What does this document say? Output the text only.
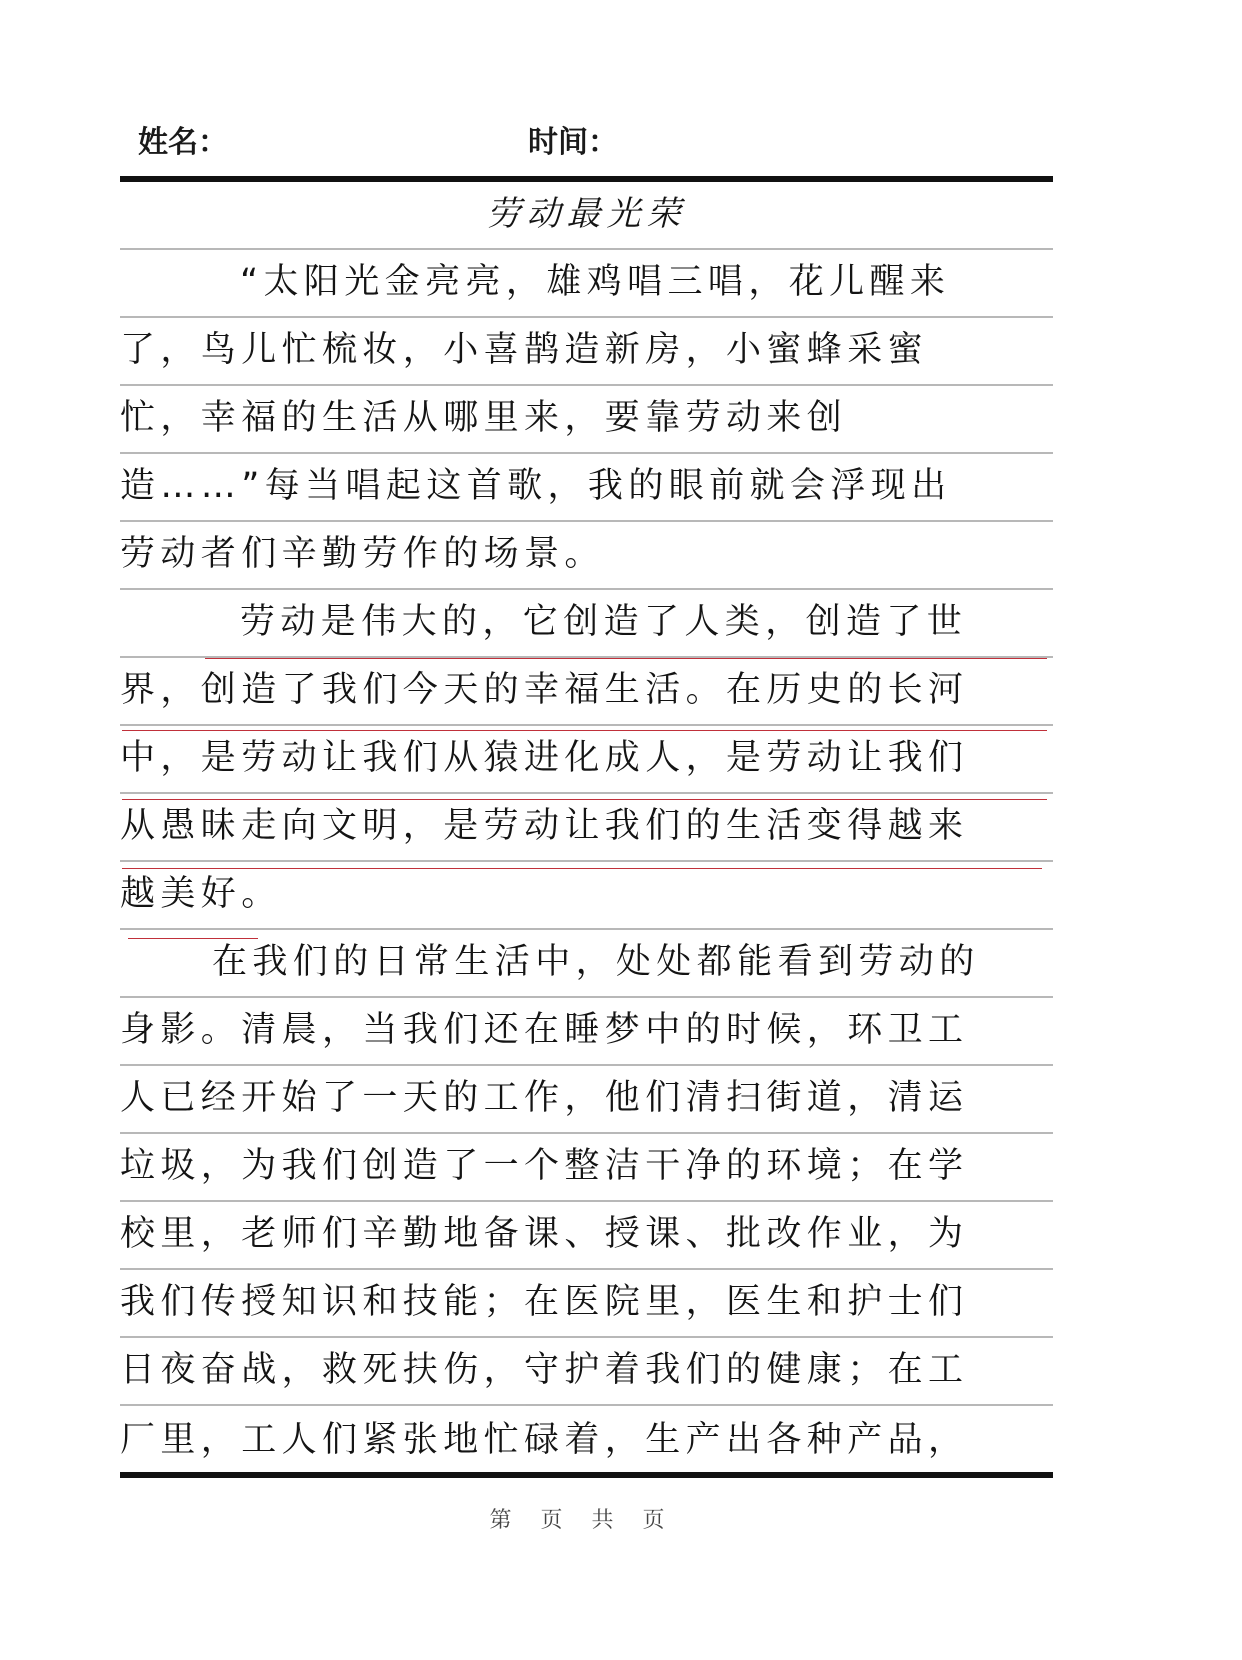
姓名：	时间：
劳动最光荣
“太阳光金亮亮，雄鸡唱三唱，花儿醒来
了，鸟儿忙梳妆，小喜鹊造新房，小蜜蜂采蜜
忙，幸福的生活从哪里来，要靠劳动来创
造……”每当唱起这首歌，我的眼前就会浮现出
劳动者们辛勤劳作的场景。
劳动是伟大的，它创造了人类，创造了世
界，创造了我们今天的幸福生活。在历史的长河
中，是劳动让我们从猿进化成人，是劳动让我们
从愚昧走向文明，是劳动让我们的生活变得越来
越美好。
在我们的日常生活中，处处都能看到劳动的
身影。清晨，当我们还在睡梦中的时候，环卫工
人已经开始了一天的工作，他们清扫街道，清运
垃圾，为我们创造了一个整洁干净的环境；在学
校里，老师们辛勤地备课、授课、批改作业，为
我们传授知识和技能；在医院里，医生和护士们
日夜奋战，救死扶伤，守护着我们的健康；在工
厂里，工人们紧张地忙碌着，生产出各种产品，
第 页 共 页
